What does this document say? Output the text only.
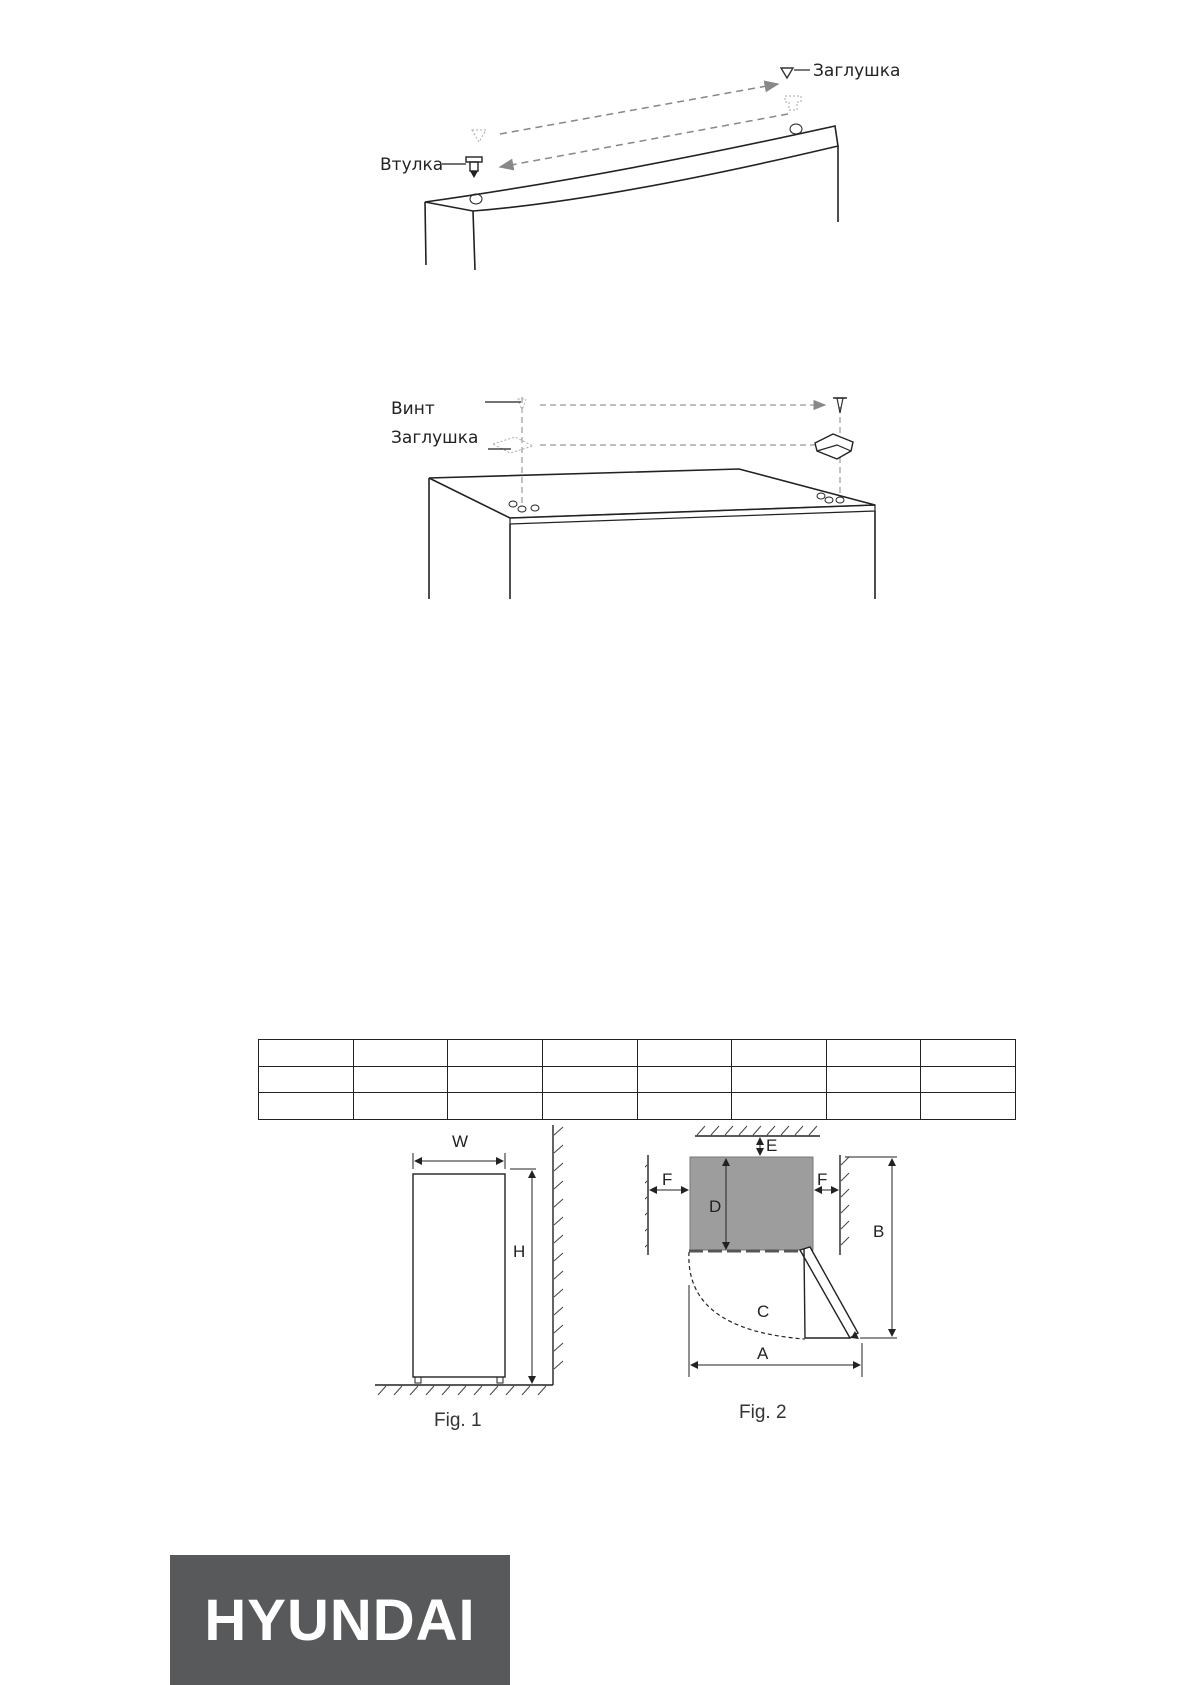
Заглушка
Втулка
Винт
Заглушка

W
H
Fig. 1
C
D
E
F	F
B
A
Fig. 2
HYUNDAI
